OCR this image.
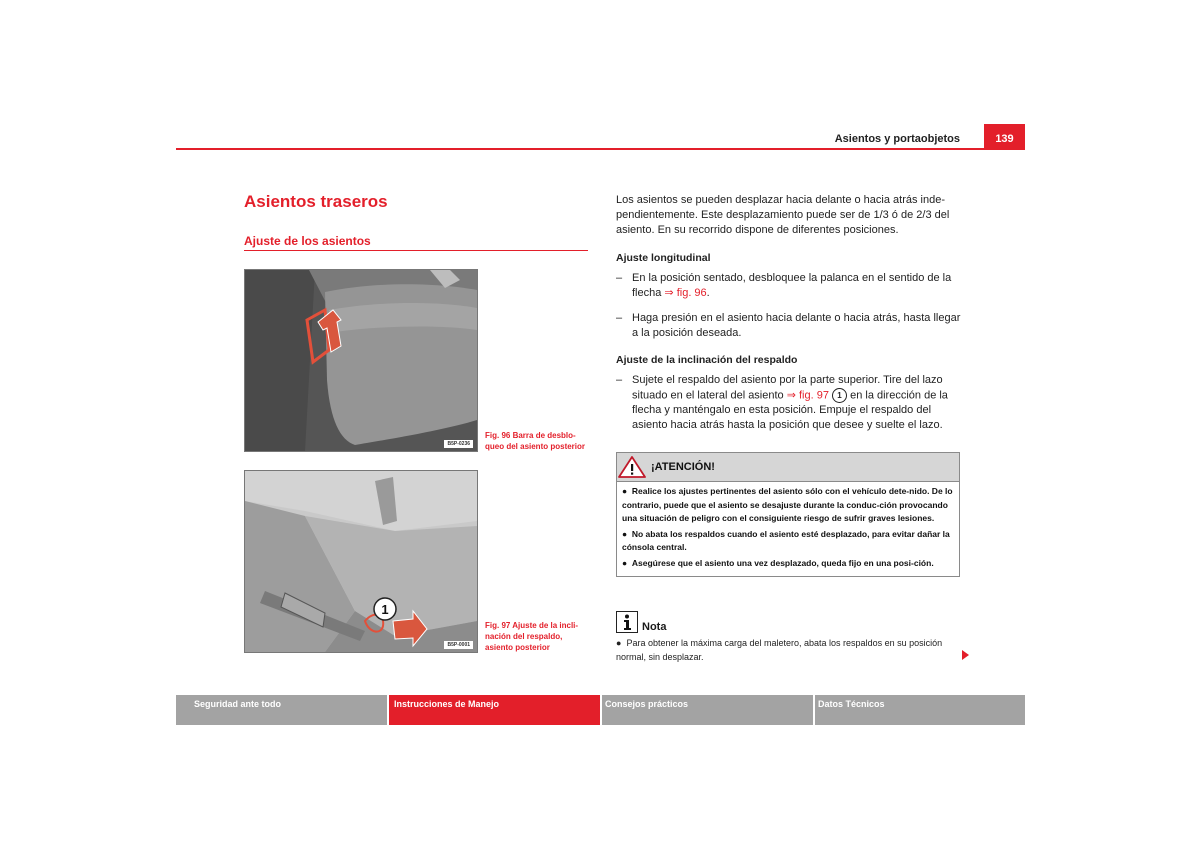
Asientos y portaobjetos	139
Asientos traseros
Ajuste de los asientos
B5P-0236
Fig. 96 Barra de desblo-
queo del asiento posterior
1
B5P-0001
Fig. 97 Ajuste de la incli-
nación del respaldo,
asiento posterior

Los asientos se pueden desplazar hacia delante o hacia atrás inde-pendientemente. Este desplazamiento puede ser de 1/3 ó de 2/3 del asiento. En su recorrido dispone de diferentes posiciones.

Ajuste longitudinal
– En la posición sentado, desbloquee la palanca en el sentido de la flecha ⇒ fig. 96.
– Haga presión en el asiento hacia delante o hacia atrás, hasta llegar a la posición deseada.
Ajuste de la inclinación del respaldo
– Sujete el respaldo del asiento por la parte superior. Tire del lazo situado en el lateral del asiento ⇒ fig. 97 1 en la dirección de la flecha y manténgalo en esta posición. Empuje el respaldo del asiento hacia atrás hasta la posición que desee y suelte el lazo.
¡ATENCIÓN!

●  Realice los ajustes pertinentes del asiento sólo con el vehículo dete-nido. De lo contrario, puede que el asiento se desajuste durante la conduc-ción provocando una situación de peligro con el consiguiente riesgo de sufrir graves lesiones.

●  No abata los respaldos cuando el asiento esté desplazado, para evitar dañar la cónsola central.

●  Asegúrese que el asiento una vez desplazado, queda fijo en una posi-ción.

Nota
●  Para obtener la máxima carga del maletero, abata los respaldos en su posición normal, sin desplazar.
Seguridad ante todo	Instrucciones de Manejo	Consejos prácticos	Datos Técnicos
